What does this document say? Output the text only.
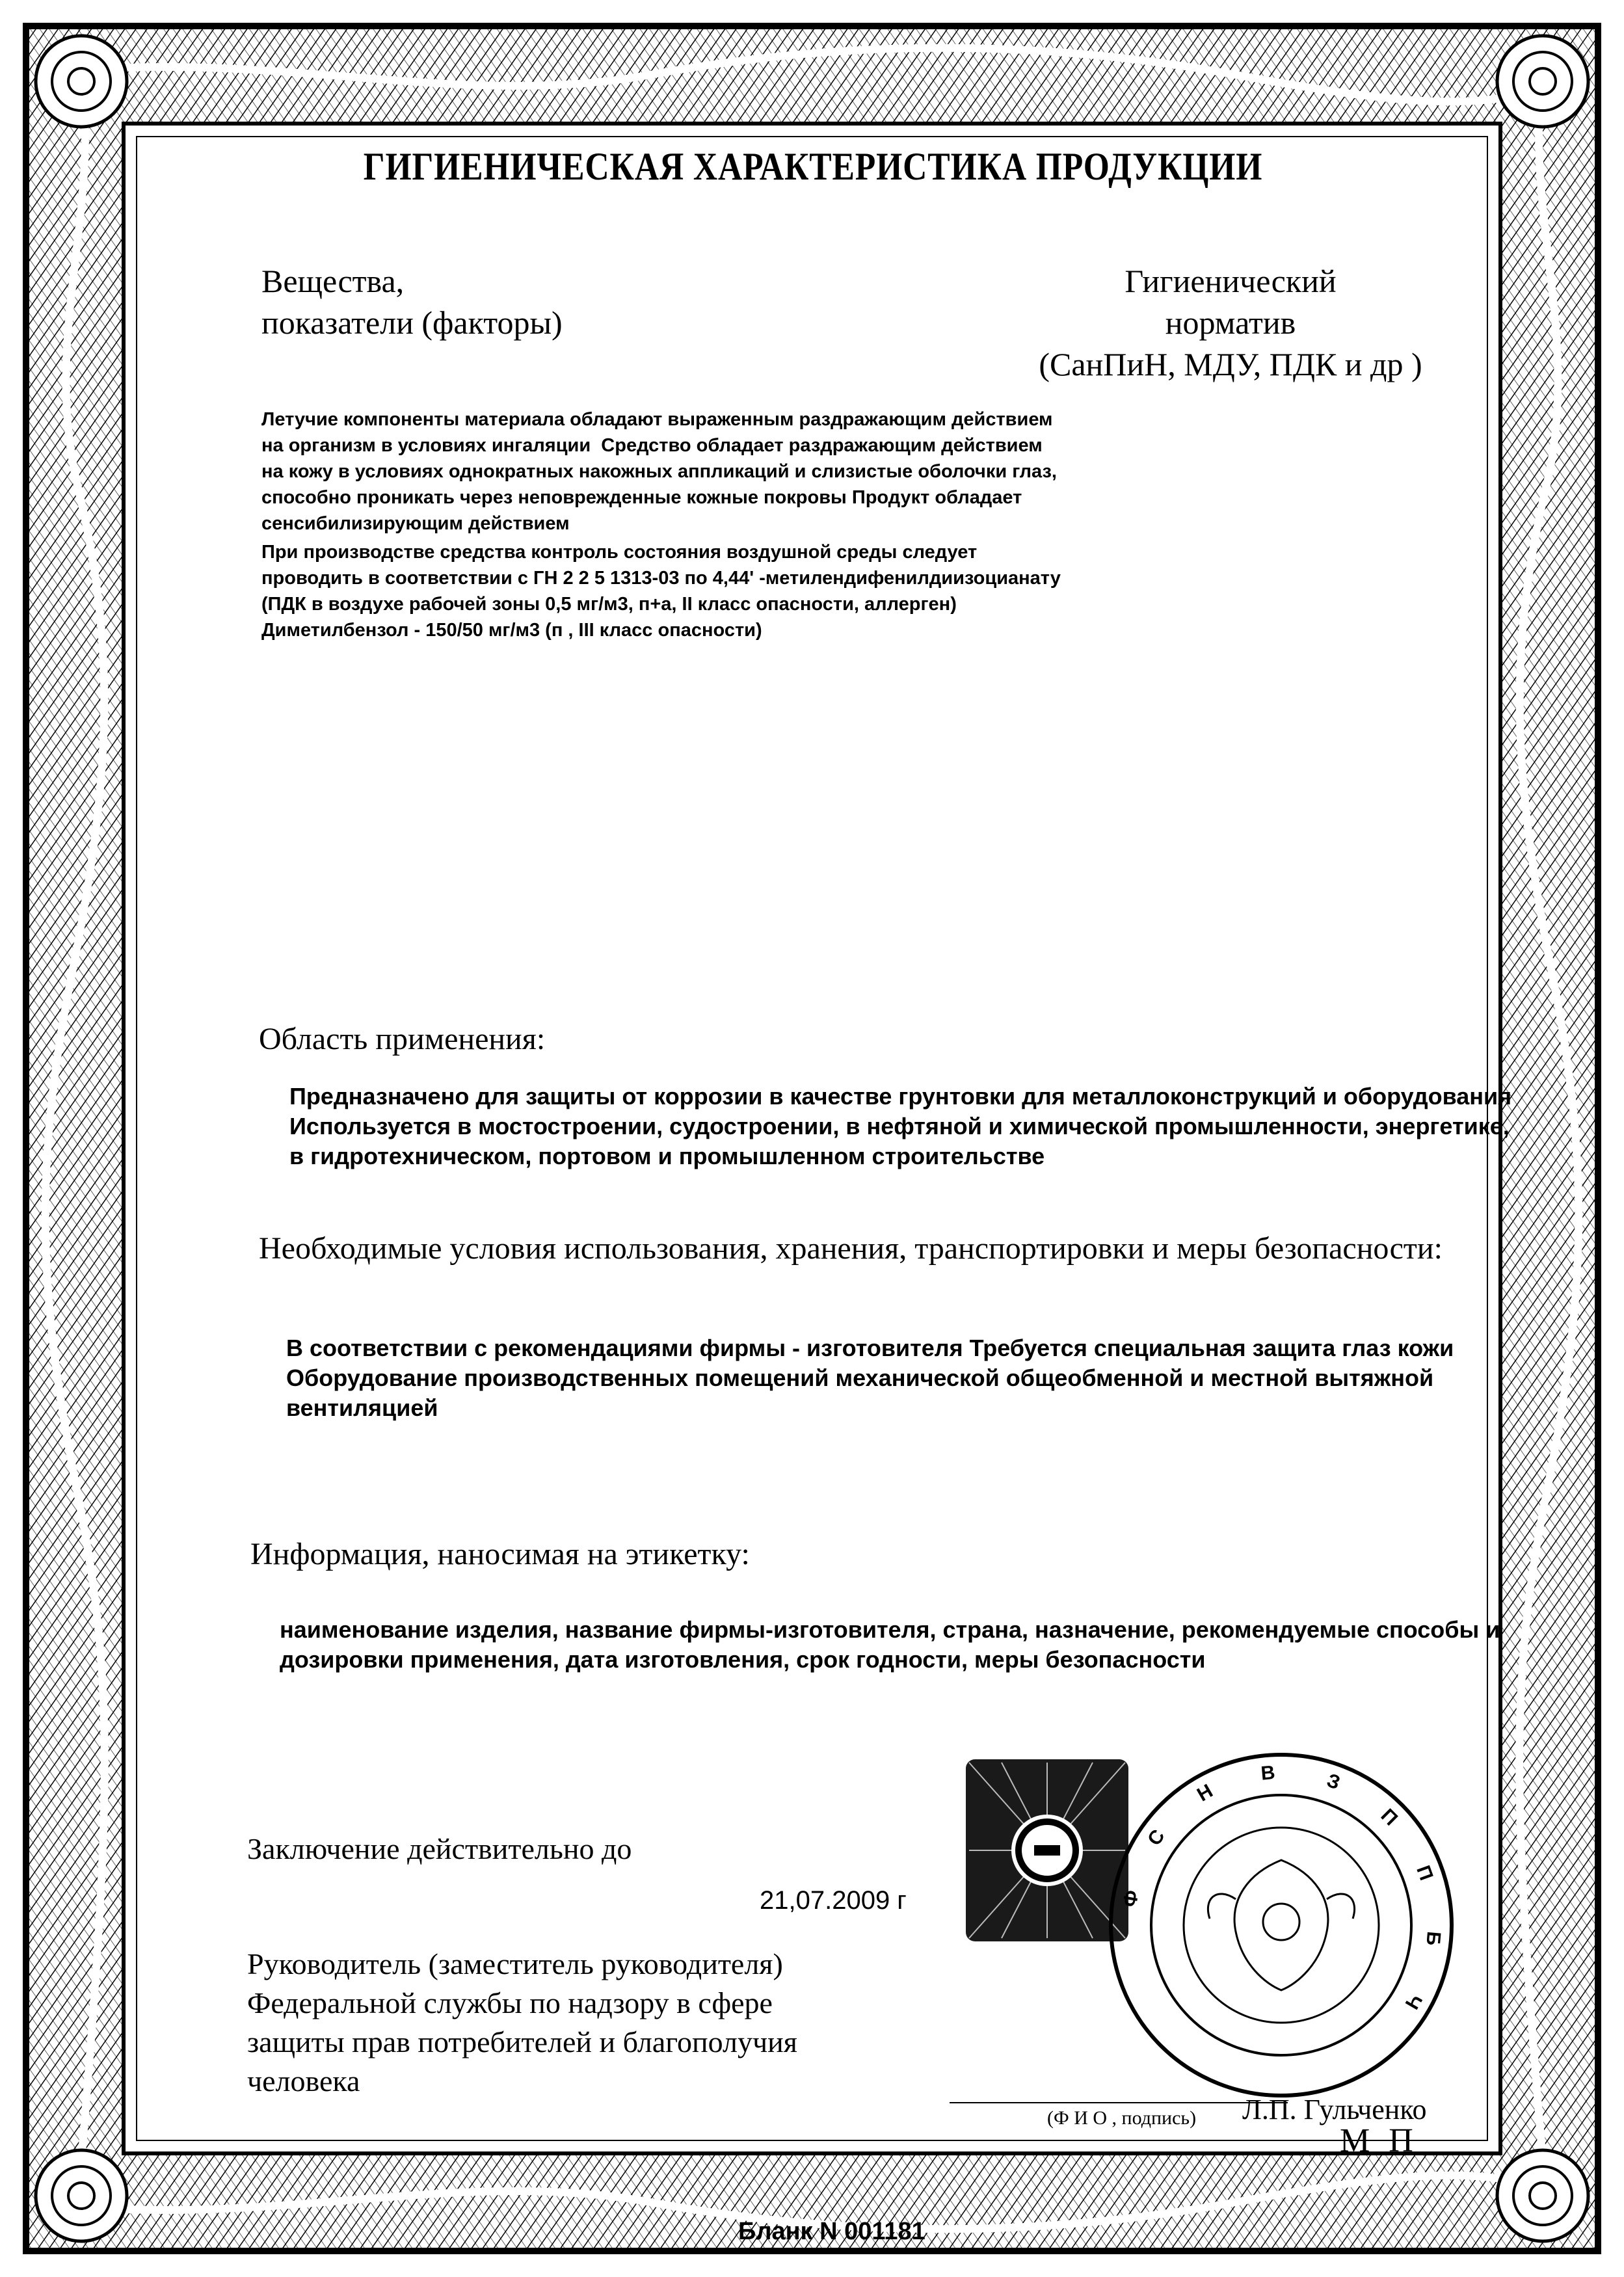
ГИГИЕНИЧЕСКАЯ ХАРАКТЕРИСТИКА ПРОДУКЦИИ
Вещества,
показатели (факторы)
Гигиенический
норматив
(СанПиН, МДУ, ПДК и др )

Летучие компоненты материала обладают выраженным раздражающим действием
на организм в условиях ингаляции  Средство обладает раздражающим действием
на кожу в условиях однократных накожных аппликаций и слизистые оболочки глаз,
способно проникать через неповрежденные кожные покровы Продукт обладает
сенсибилизирующим действием

При производстве средства контроль состояния воздушной среды следует
проводить в соответствии с ГН 2 2 5 1313-03 по 4,44' -метилендифенилдиизоцианату
(ПДК в воздухе рабочей зоны 0,5 мг/м3, п+а, II класс опасности, аллерген)
Диметилбензол - 150/50 мг/м3 (п , III класс опасности)

Область применения:
Предназначено для защиты от коррозии в качестве грунтовки для металлоконструкций и оборудования Используется в мостостроении, судостроении, в нефтяной и химической промышленности, энергетике, в гидротехническом, портовом и промышленном строительстве
Необходимые условия использования, хранения, транспортировки и меры безопасности:
В соответствии с рекомендациями фирмы - изготовителя Требуется специальная защита глаз кожи Оборудование производственных помещений механической общеобменной и местной вытяжной вентиляцией
Информация, наносимая на этикетку:
наименование изделия, название фирмы-изготовителя, страна, назначение, рекомендуемые способы и дозировки применения, дата изготовления, срок годности, меры безопасности
Заключение действительно до
21,07.2009 г
Руководитель (заместитель руководителя)
Федеральной службы по надзору в сфере
защиты прав потребителей и благополучия
человека
(Ф И О , подпись) Л.П. Гульченко
М П
Ф
С
Н
В З
П
П
Б
Ч
Бланк N 001181
